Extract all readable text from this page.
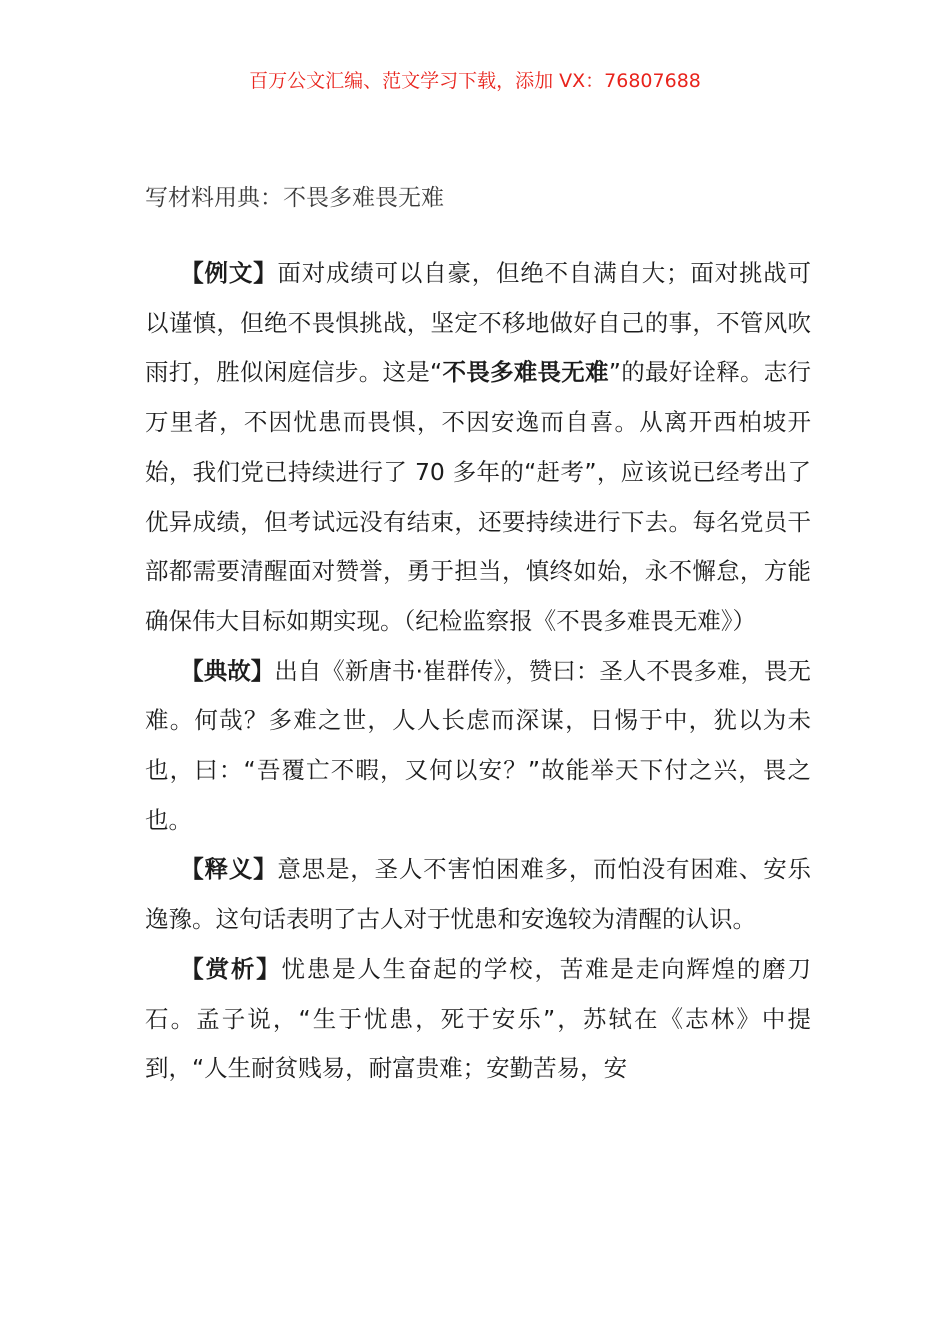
百万公文汇编、范文学习下载，添加 VX：76807688
写材料用典：不畏多难畏无难

【例文】面对成绩可以自豪，但绝不自满自大；面对挑战可以谨慎，但绝不畏惧挑战，坚定不移地做好自己的事，不管风吹雨打，胜似闲庭信步。这是“不畏多难畏无难”的最好诠释。志行万里者，不因忧患而畏惧，不因安逸而自喜。从离开西柏坡开始，我们党已持续进行了 70 多年的“赶考”，应该说已经考出了优异成绩，但考试远没有结束，还要持续进行下去。每名党员干部都需要清醒面对赞誉，勇于担当，慎终如始，永不懈怠，方能确保伟大目标如期实现。（纪检监察报《不畏多难畏无难》）

【典故】出自《新唐书·崔群传》，赞曰：圣人不畏多难，畏无难。何哉？多难之世，人人长虑而深谋，日惕于中，犹以为未也，曰：“吾覆亡不暇，又何以安？”故能举天下付之兴，畏之也。

【释义】意思是，圣人不害怕困难多，而怕没有困难、安乐逸豫。这句话表明了古人对于忧患和安逸较为清醒的认识。

【赏析】忧患是人生奋起的学校，苦难是走向辉煌的磨刀石。孟子说，“生于忧患，死于安乐”，苏轼在《志林》中提到，“人生耐贫贱易，耐富贵难；安勤苦易，安
